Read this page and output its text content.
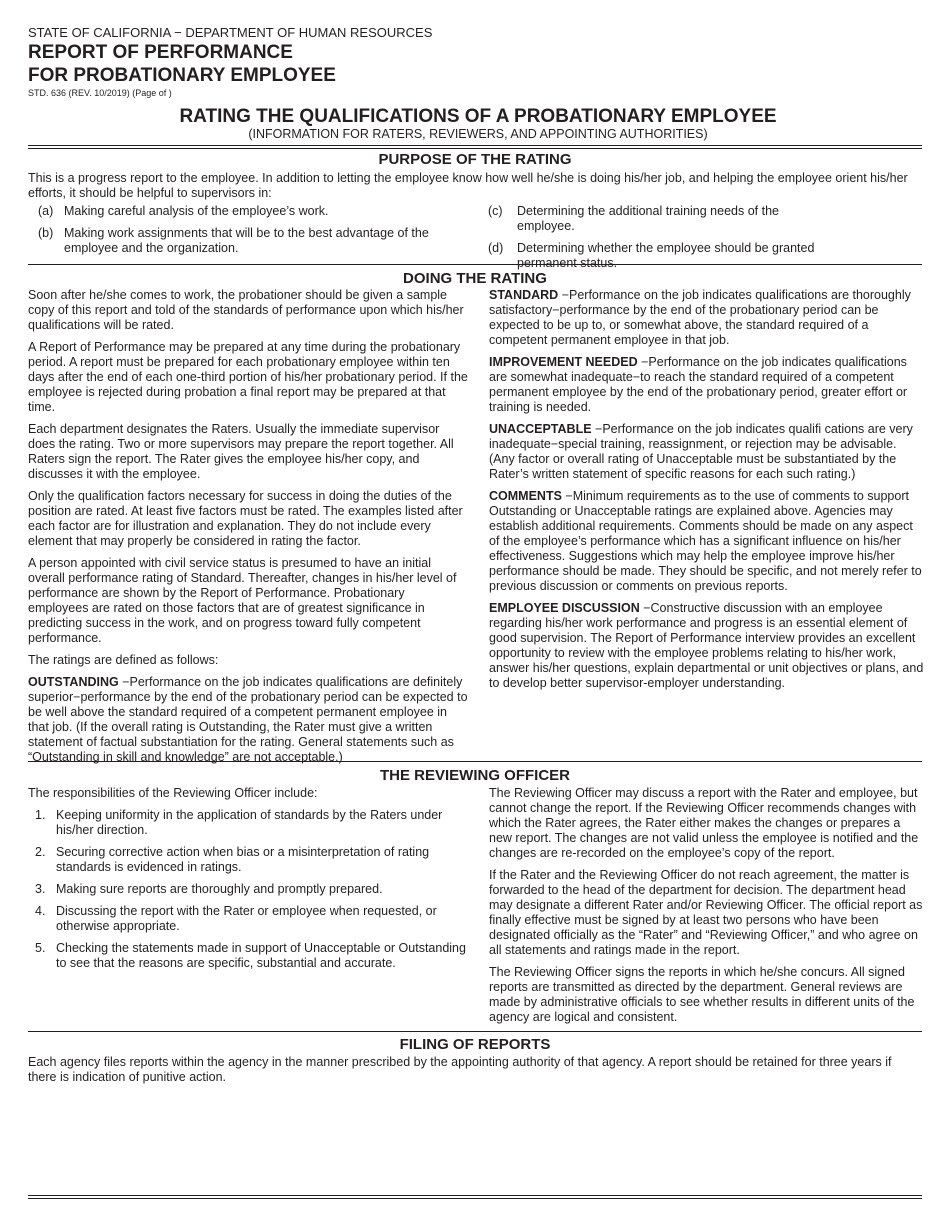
STATE OF CALIFORNIA − DEPARTMENT OF HUMAN RESOURCES
REPORT OF PERFORMANCE
FOR PROBATIONARY EMPLOYEE
STD. 636 (REV. 10/2019) (Page of )
RATING THE QUALIFICATIONS OF A PROBATIONARY EMPLOYEE
(INFORMATION FOR RATERS, REVIEWERS, AND APPOINTING AUTHORITIES)
PURPOSE OF THE RATING

This is a progress report to the employee. In addition to letting the employee know how well he/she is doing his/her job, and helping the employee orient his/her efforts, it should be helpful to supervisors in:

(a) Making careful analysis of the employee’s work.
(b) Making work assignments that will be to the best advantage of the employee and the organization.
(c)	Determining the additional training needs of the employee.
(d)	Determining whether the employee should be granted permanent status.
DOING THE RATING

Soon after he/she comes to work, the probationer should be given a sample copy of this report and told of the standards of performance upon which his/her qualifications will be rated.

A Report of Performance may be prepared at any time during the probationary period. A report must be prepared for each probationary employee within ten days after the end of each one-third portion of his/her probationary period. If the employee is rejected during probation a final report may be prepared at that time.

Each department designates the Raters. Usually the immediate supervisor does the rating. Two or more supervisors may prepare the report together. All Raters sign the report. The Rater gives the employee his/her copy, and discusses it with the employee.

Only the qualification factors necessary for success in doing the duties of the position are rated. At least five factors must be rated. The examples listed after each factor are for illustration and explanation. They do not include every element that may properly be considered in rating the factor.

A person appointed with civil service status is presumed to have an initial overall performance rating of Standard. Thereafter, changes in his/her level of performance are shown by the Report of Performance. Probationary employees are rated on those factors that are of greatest significance in predicting success in the work, and on progress toward fully competent performance.

The ratings are defined as follows:

OUTSTANDING −Performance on the job indicates qualifications are definitely superior−performance by the end of the probationary period can be expected to be well above the standard required of a competent permanent employee in that job. (If the overall rating is Outstanding, the Rater must give a written statement of factual substantiation for the rating. General statements such as “Outstanding in skill and knowledge” are not acceptable.)

STANDARD −Performance on the job indicates qualifications are thoroughly satisfactory−performance by the end of the probationary period can be expected to be up to, or somewhat above, the standard required of a competent permanent employee in that job.

IMPROVEMENT NEEDED −Performance on the job indicates qualifications are somewhat inadequate−to reach the standard required of a competent permanent employee by the end of the probationary period, greater effort or training is needed.

UNACCEPTABLE −Performance on the job indicates qualifi cations are very inadequate−special training, reassignment, or rejection may be advisable. (Any factor or overall rating of Unacceptable must be substantiated by the Rater’s written statement of specific reasons for each such rating.)

COMMENTS −Minimum requirements as to the use of comments to support Outstanding or Unacceptable ratings are explained above. Agencies may establish additional requirements. Comments should be made on any aspect of the employee’s performance which has a significant influence on his/her effectiveness. Suggestions which may help the employee improve his/her performance should be made. They should be specific, and not merely refer to previous discussion or comments on previous reports.

EMPLOYEE DISCUSSION −Constructive discussion with an employee regarding his/her work performance and progress is an essential element of good supervision. The Report of Performance interview provides an excellent opportunity to review with the employee problems relating to his/her work, answer his/her questions, explain departmental or unit objectives or plans, and to develop better supervisor-employer understanding.

THE REVIEWING OFFICER

The responsibilities of the Reviewing Officer include:

1. Keeping uniformity in the application of standards by the Raters under his/her direction.
2. Securing corrective action when bias or a misinterpretation of rating standards is evidenced in ratings.
3. Making sure reports are thoroughly and promptly prepared.
4. Discussing the report with the Rater or employee when requested, or otherwise appropriate.
5. Checking the statements made in support of Unacceptable or Outstanding to see that the reasons are specific, substantial and accurate.

The Reviewing Officer may discuss a report with the Rater and employee, but cannot change the report. If the Reviewing Officer recommends changes with which the Rater agrees, the Rater either makes the changes or prepares a new report. The changes are not valid unless the employee is notified and the changes are re-recorded on the employee’s copy of the report.

If the Rater and the Reviewing Officer do not reach agreement, the matter is forwarded to the head of the department for decision. The department head may designate a different Rater and/or Reviewing Officer. The official report as finally effective must be signed by at least two persons who have been designated officially as the “Rater” and “Reviewing Officer,” and who agree on all statements and ratings made in the report.

The Reviewing Officer signs the reports in which he/she concurs. All signed reports are transmitted as directed by the department. General reviews are made by administrative officials to see whether results in different units of the agency are logical and consistent.

FILING OF REPORTS

Each agency files reports within the agency in the manner prescribed by the appointing authority of that agency. A report should be retained for three years if there is indication of punitive action.
